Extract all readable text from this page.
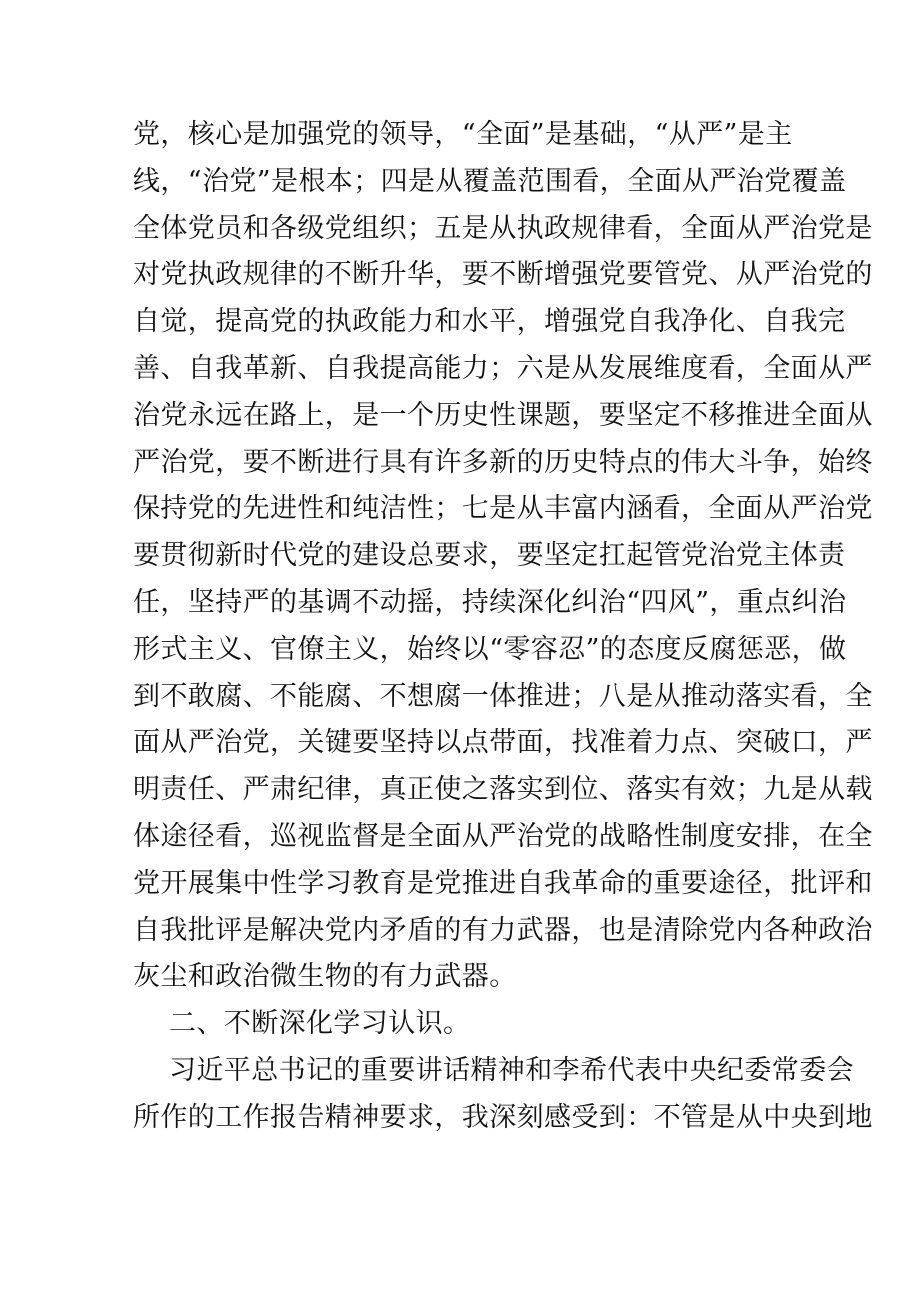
党，核心是加强党的领导，“全面”是基础，“从严”是主
线，“治党”是根本；四是从覆盖范围看，全面从严治党覆盖
全体党员和各级党组织；五是从执政规律看，全面从严治党是
对党执政规律的不断升华，要不断增强党要管党、从严治党的
自觉，提高党的执政能力和水平，增强党自我净化、自我完
善、自我革新、自我提高能力；六是从发展维度看，全面从严
治党永远在路上，是一个历史性课题，要坚定不移推进全面从
严治党，要不断进行具有许多新的历史特点的伟大斗争，始终
保持党的先进性和纯洁性；七是从丰富内涵看，全面从严治党
要贯彻新时代党的建设总要求，要坚定扛起管党治党主体责
任，坚持严的基调不动摇，持续深化纠治“四风”，重点纠治
形式主义、官僚主义，始终以“零容忍”的态度反腐惩恶，做
到不敢腐、不能腐、不想腐一体推进；八是从推动落实看，全
面从严治党，关键要坚持以点带面，找准着力点、突破口，严
明责任、严肃纪律，真正使之落实到位、落实有效；九是从载
体途径看，巡视监督是全面从严治党的战略性制度安排，在全
党开展集中性学习教育是党推进自我革命的重要途径，批评和
自我批评是解决党内矛盾的有力武器，也是清除党内各种政治
灰尘和政治微生物的有力武器。
二、不断深化学习认识。
习近平总书记的重要讲话精神和李希代表中央纪委常委会
所作的工作报告精神要求，我深刻感受到：不管是从中央到地
